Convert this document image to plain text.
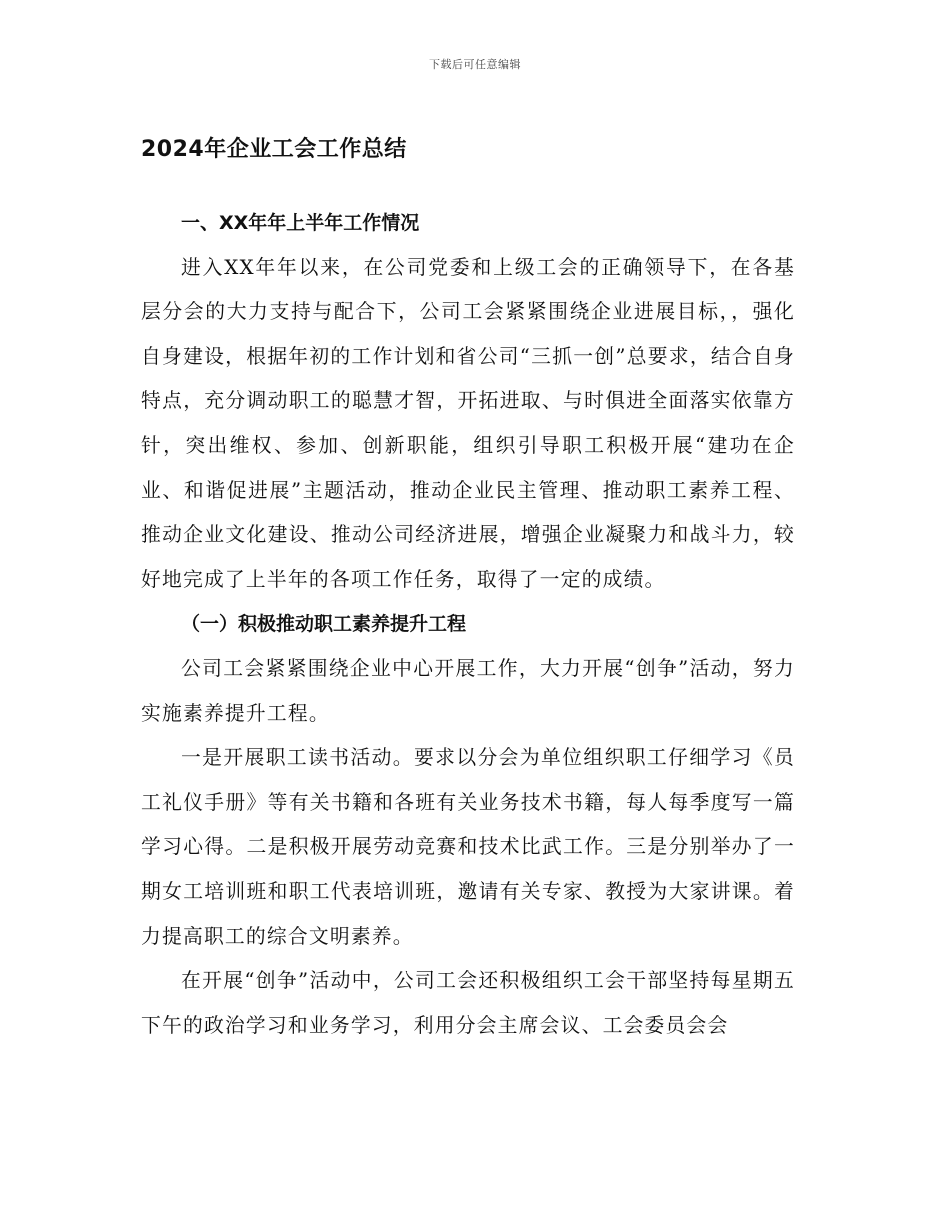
下载后可任意编辑
2024年企业工会工作总结

一、XX年年上半年工作情况

进入XX年年以来，在公司党委和上级工会的正确领导下，在各基层分会的大力支持与配合下，公司工会紧紧围绕企业进展目标，，强化自身建设，根据年初的工作计划和省公司“三抓一创”总要求，结合自身特点，充分调动职工的聪慧才智，开拓进取、与时俱进全面落实依靠方针，突出维权、参加、创新职能，组织引导职工积极开展“建功在企业、和谐促进展”主题活动，推动企业民主管理、推动职工素养工程、推动企业文化建设、推动公司经济进展，增强企业凝聚力和战斗力，较好地完成了上半年的各项工作任务，取得了一定的成绩。

（一）积极推动职工素养提升工程

公司工会紧紧围绕企业中心开展工作，大力开展“创争”活动，努力实施素养提升工程。

一是开展职工读书活动。要求以分会为单位组织职工仔细学习《员工礼仪手册》等有关书籍和各班有关业务技术书籍，每人每季度写一篇学习心得。二是积极开展劳动竞赛和技术比武工作。三是分别举办了一期女工培训班和职工代表培训班，邀请有关专家、教授为大家讲课。着力提高职工的综合文明素养。

在开展“创争”活动中，公司工会还积极组织工会干部坚持每星期五下午的政治学习和业务学习，利用分会主席会议、工会委员会会
